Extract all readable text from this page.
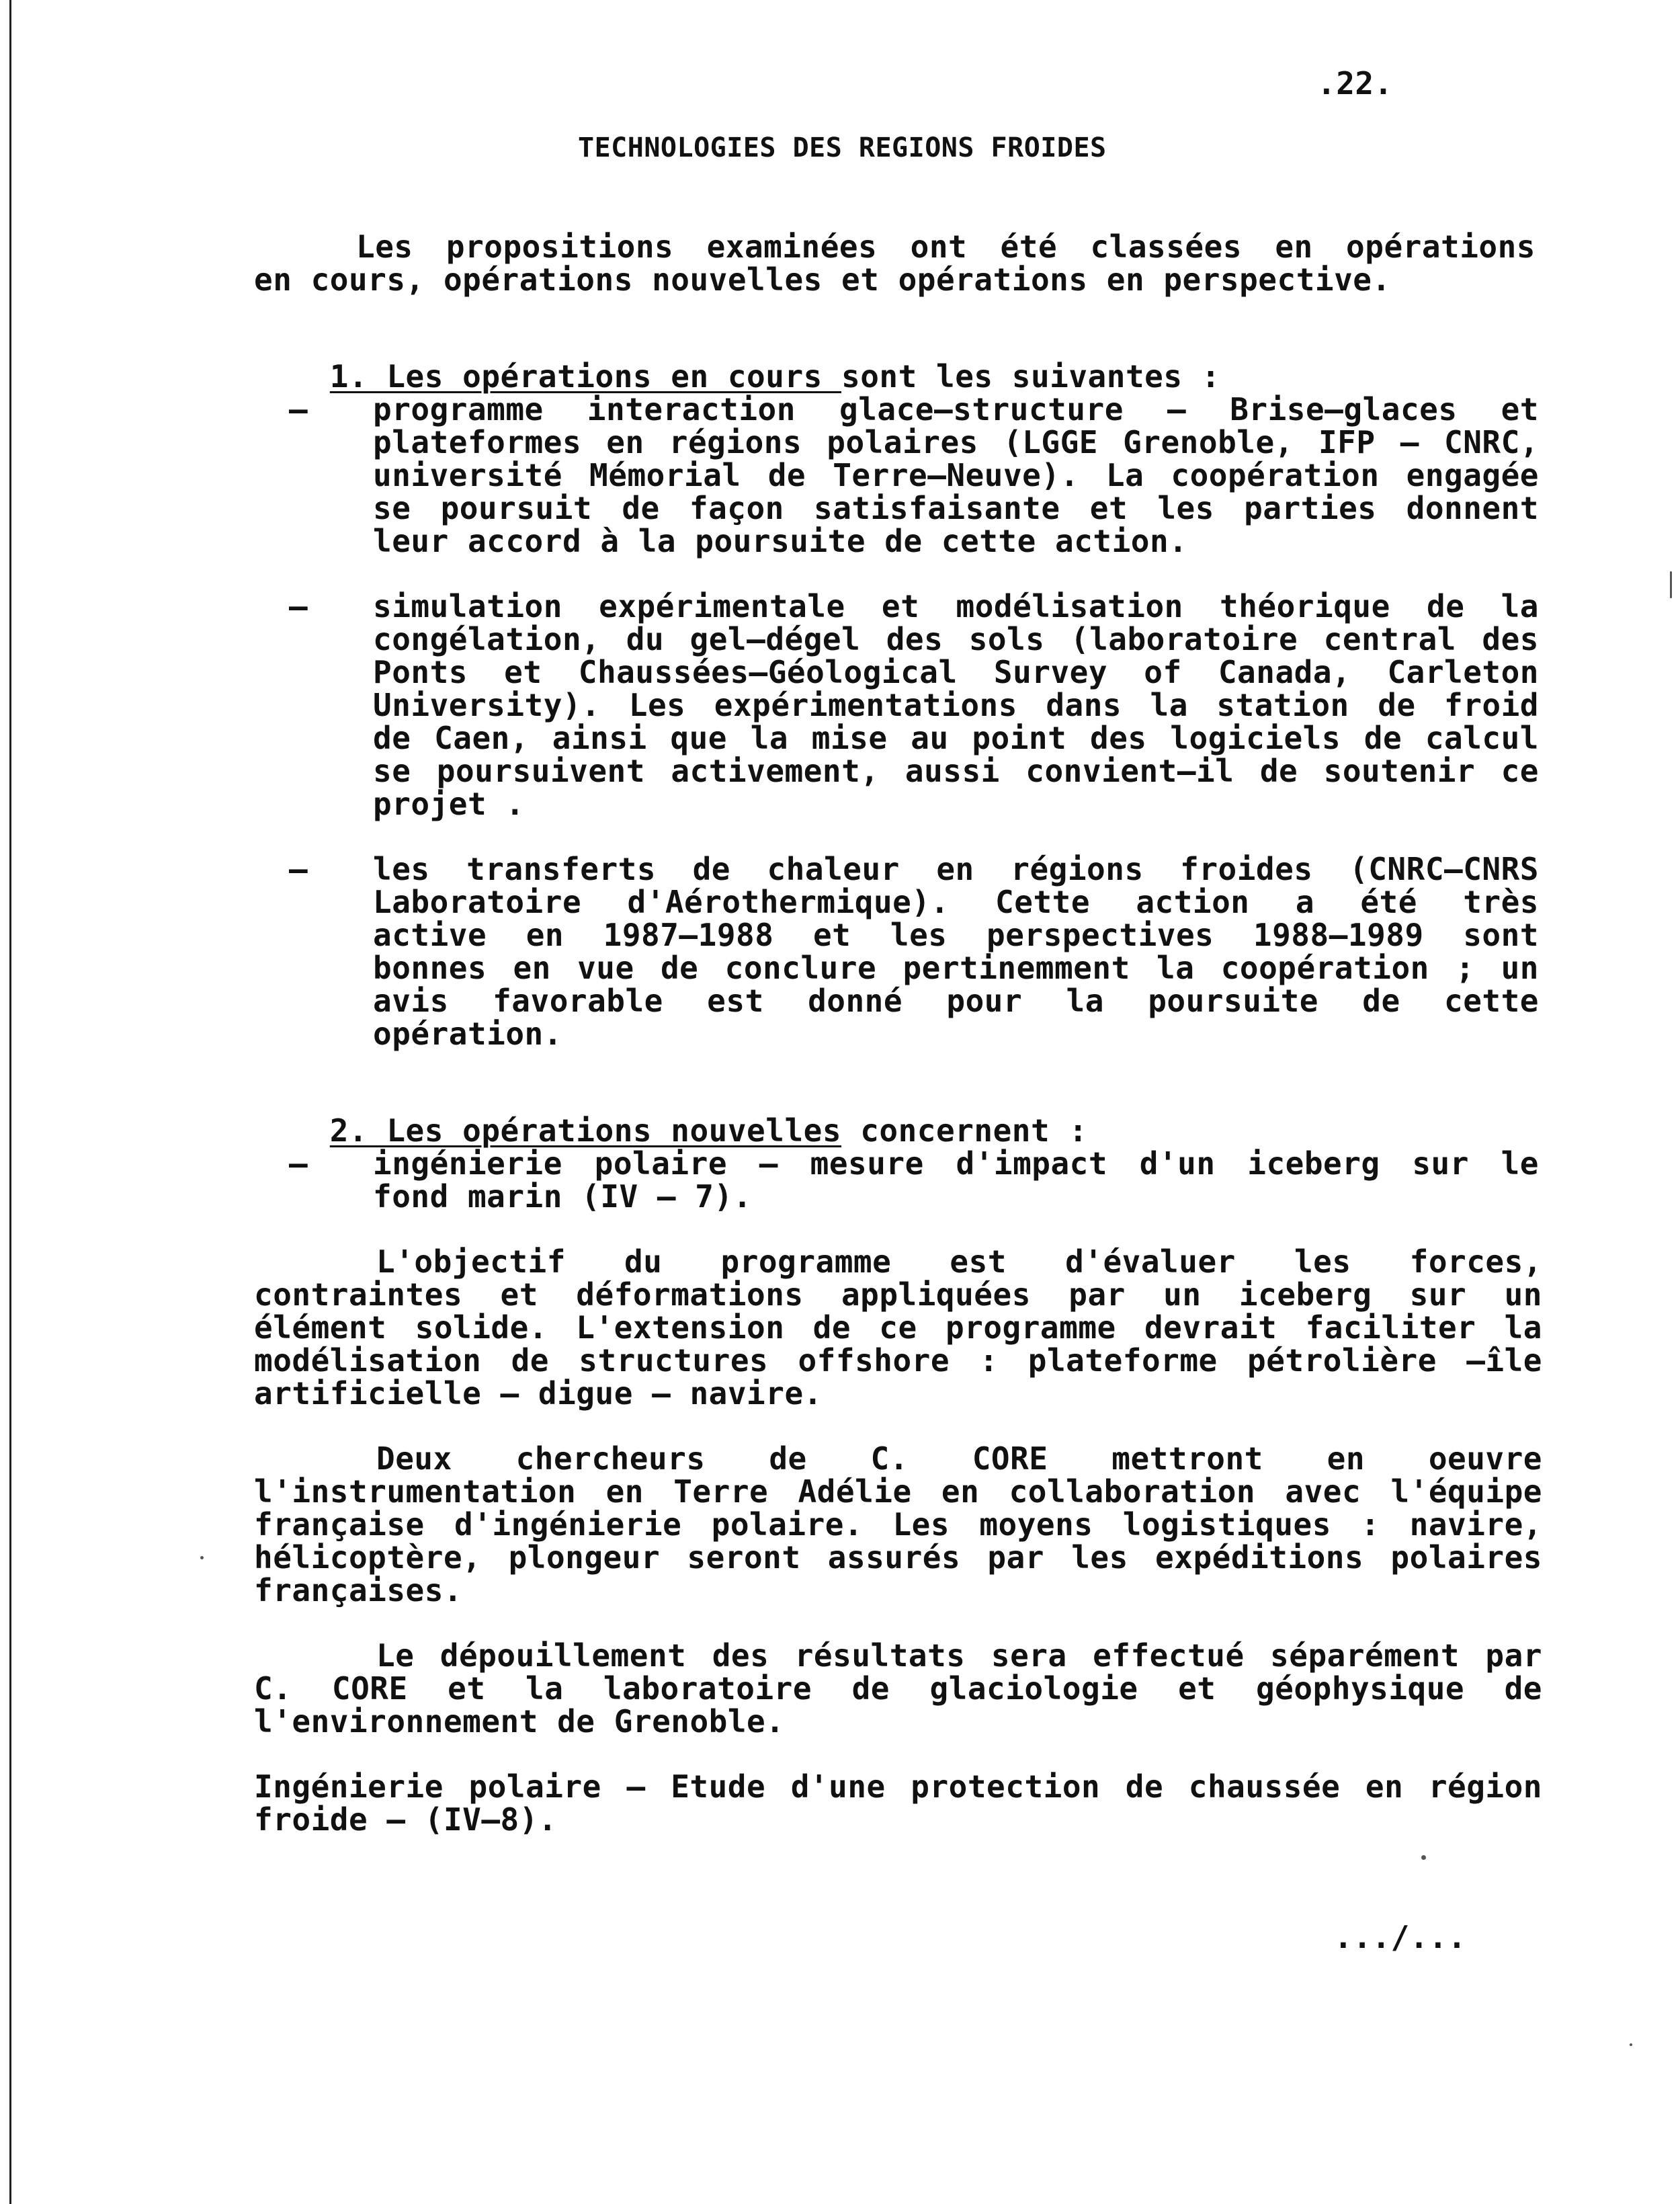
.22.
TECHNOLOGIES DES REGIONS FROIDES
Les propositions examinées ont été classées en opérations
en cours, opérations nouvelles et opérations en perspective.

1. Les opérations en cours sont les suivantes :

– programme interaction glace–structure – Brise–glaces et
plateformes en régions polaires (LGGE Grenoble, IFP – CNRC,
université Mémorial de Terre–Neuve). La coopération engagée
se poursuit de façon satisfaisante et les parties donnent
leur accord à la poursuite de cette action.
– simulation expérimentale et modélisation théorique de la
congélation, du gel–dégel des sols (laboratoire central des
Ponts et Chaussées–Géological Survey of Canada, Carleton
University). Les expérimentations dans la station de froid
de Caen, ainsi que la mise au point des logiciels de calcul
se poursuivent activement, aussi convient–il de soutenir ce
projet .
– les transferts de chaleur en régions froides (CNRC–CNRS
Laboratoire d'Aérothermique). Cette action a été très
active en 1987–1988 et les perspectives 1988–1989 sont
bonnes en vue de conclure pertinemment la coopération ; un
avis favorable est donné pour la poursuite de cette
opération.

2. Les opérations nouvelles concernent :

– ingénierie polaire – mesure d'impact d'un iceberg sur le
fond marin (IV – 7).
L'objectif du programme est d'évaluer les forces,
contraintes et déformations appliquées par un iceberg sur un
élément solide. L'extension de ce programme devrait faciliter la
modélisation de structures offshore : plateforme pétrolière –île
artificielle – digue – navire.
Deux chercheurs de C. CORE mettront en oeuvre
l'instrumentation en Terre Adélie en collaboration avec l'équipe
française d'ingénierie polaire. Les moyens logistiques : navire,
hélicoptère, plongeur seront assurés par les expéditions polaires
françaises.
Le dépouillement des résultats sera effectué séparément par
C. CORE et la laboratoire de glaciologie et géophysique de
l'environnement de Grenoble.
Ingénierie polaire – Etude d'une protection de chaussée en région
froide – (IV–8).
.../...
